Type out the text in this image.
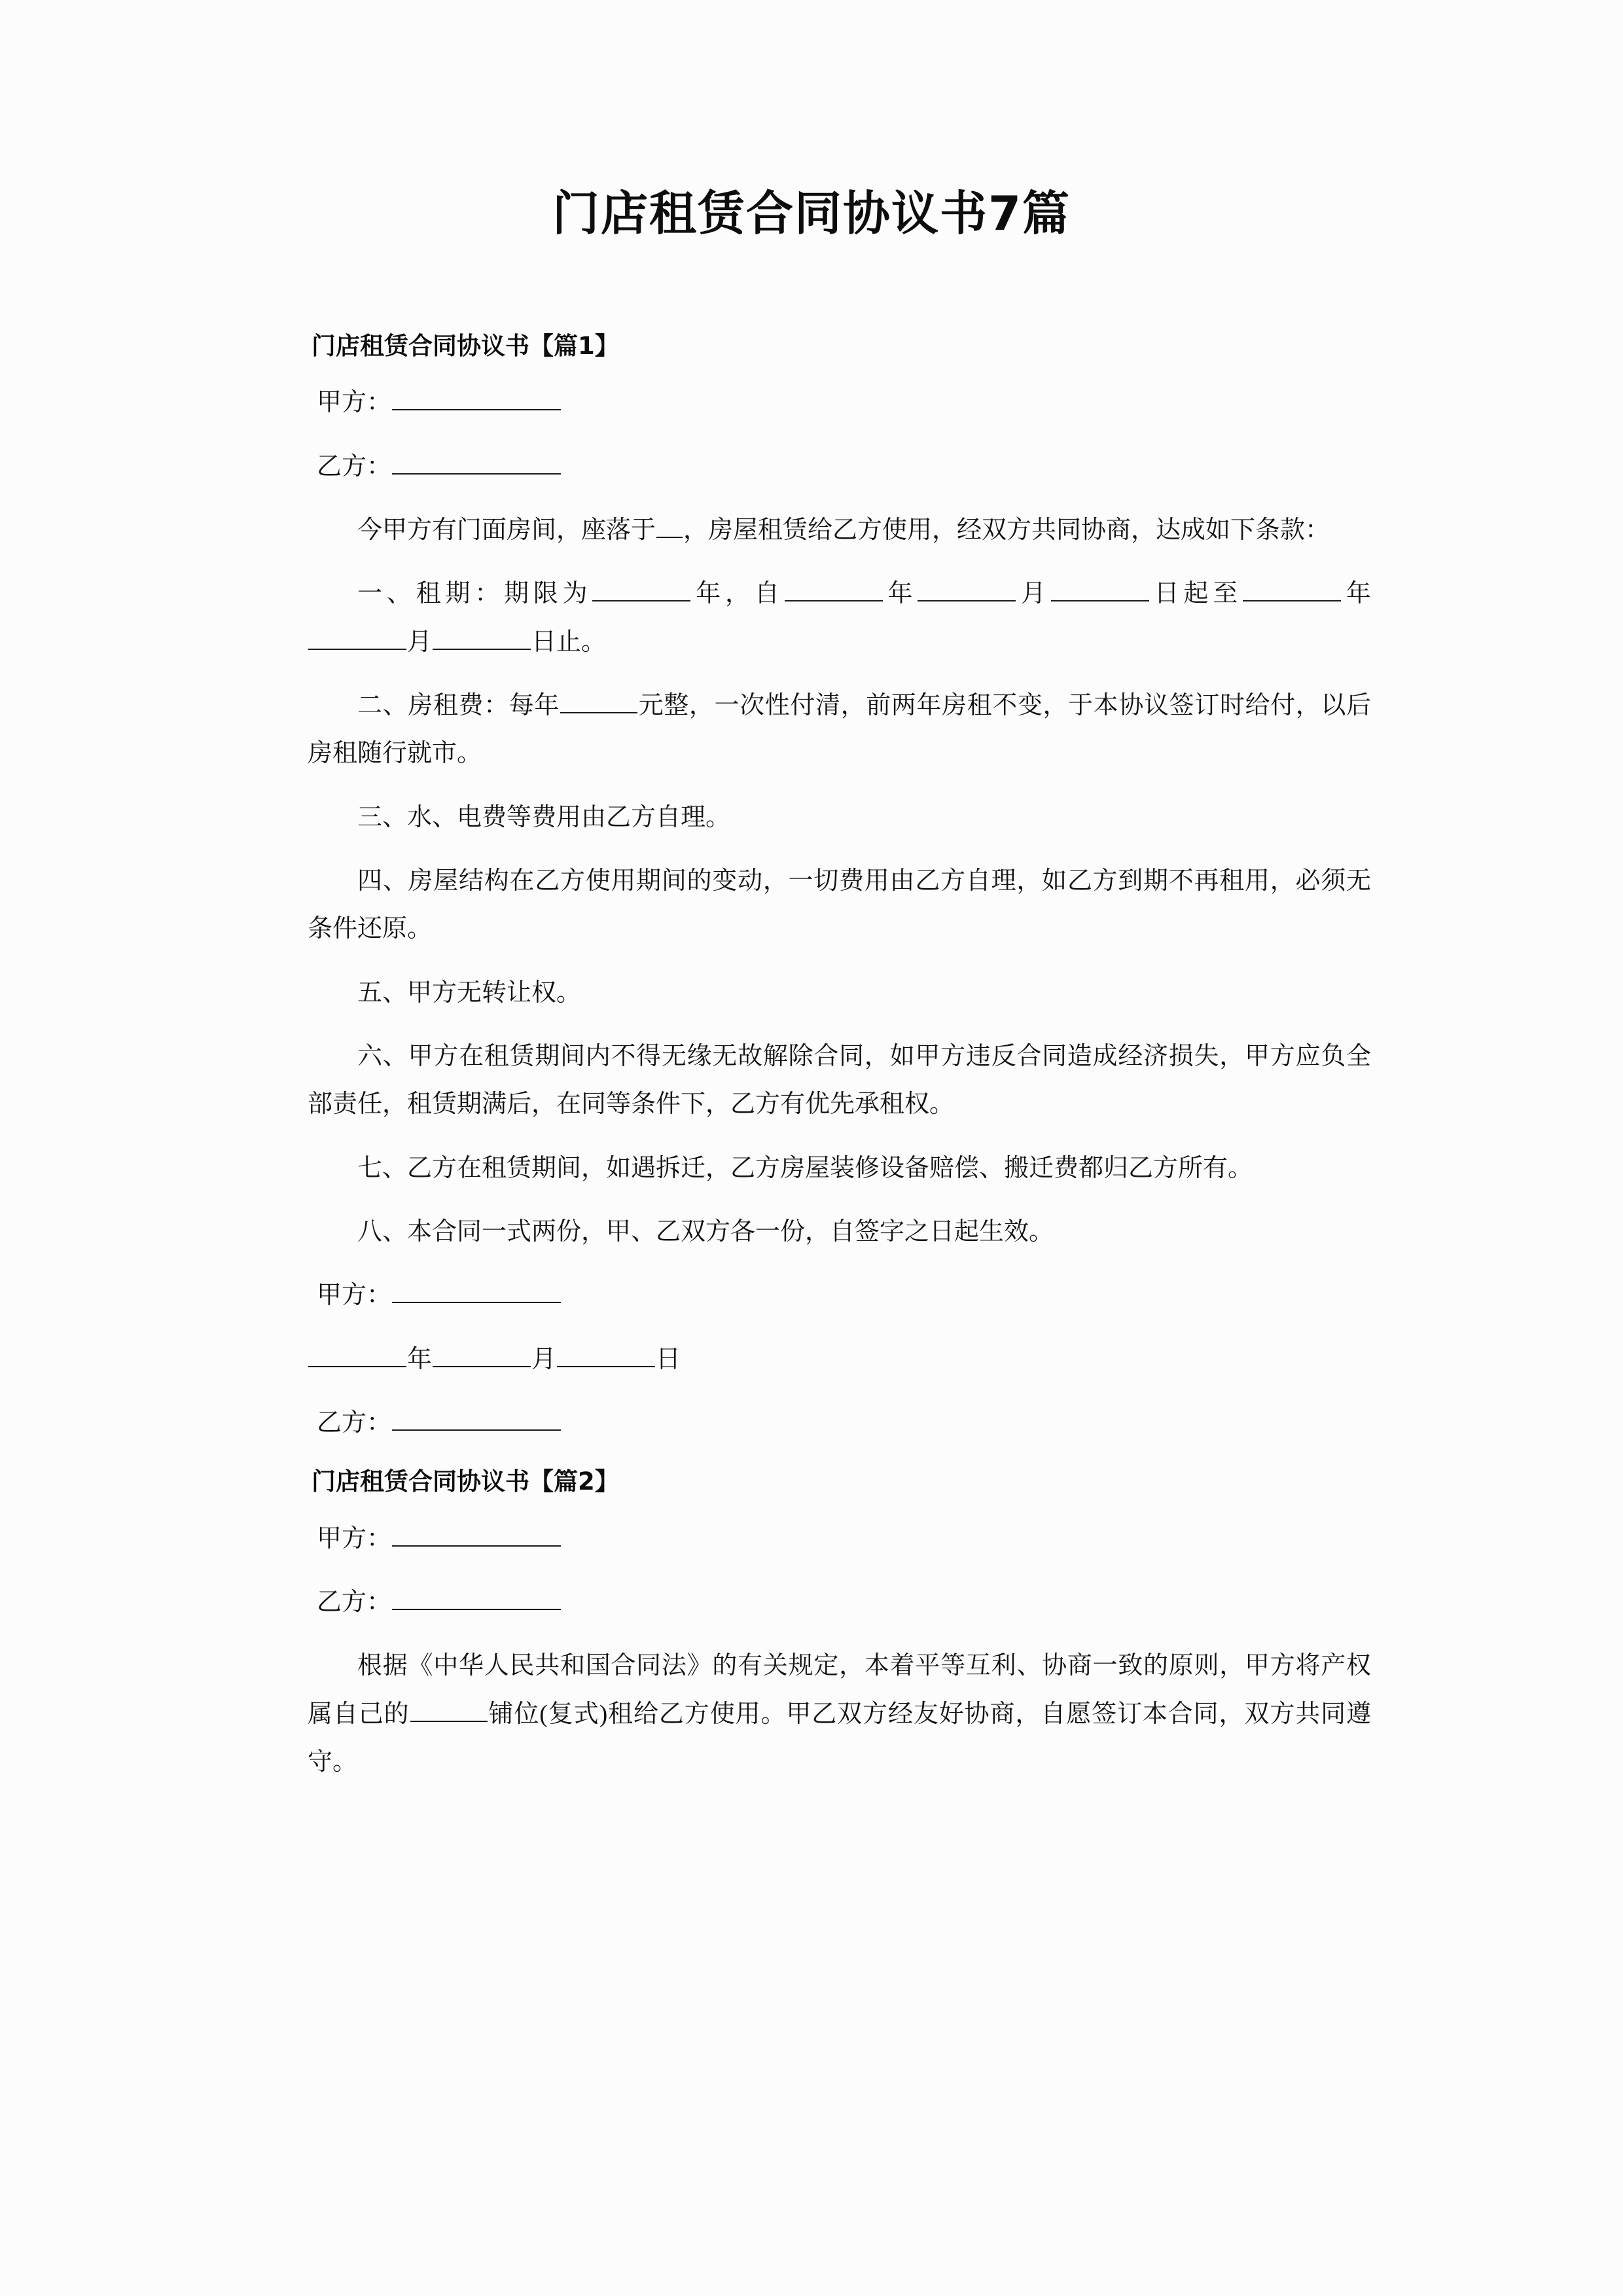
门店租赁合同协议书7篇

门店租赁合同协议书【篇1】

甲方：

乙方：

今甲方有门面房间，座落于 ，房屋租赁给乙方使用，经双方共同协商，达成如下条款：

一、租期：期限为	年，自	年	月	日起至	年月	日止。

二、房租费：每年	元整，一次性付清，前两年房租不变，于本协议签订时给付，以后房租随行就市。

三、水、电费等费用由乙方自理。

四、房屋结构在乙方使用期间的变动，一切费用由乙方自理，如乙方到期不再租用，必须无条件还原。

五、甲方无转让权。

六、甲方在租赁期间内不得无缘无故解除合同，如甲方违反合同造成经济损失，甲方应负全部责任，租赁期满后，在同等条件下，乙方有优先承租权。

七、乙方在租赁期间，如遇拆迁，乙方房屋装修设备赔偿、搬迁费都归乙方所有。

八、本合同一式两份，甲、乙双方各一份，自签字之日起生效。

甲方：

年	月	日

乙方：

门店租赁合同协议书【篇2】

甲方：

乙方：

根据《中华人民共和国合同法》的有关规定，本着平等互利、协商一致的原则，甲方将产权属自己的	铺位(复式)租给乙方使用。甲乙双方经友好协商，自愿签订本合同，双方共同遵守。
